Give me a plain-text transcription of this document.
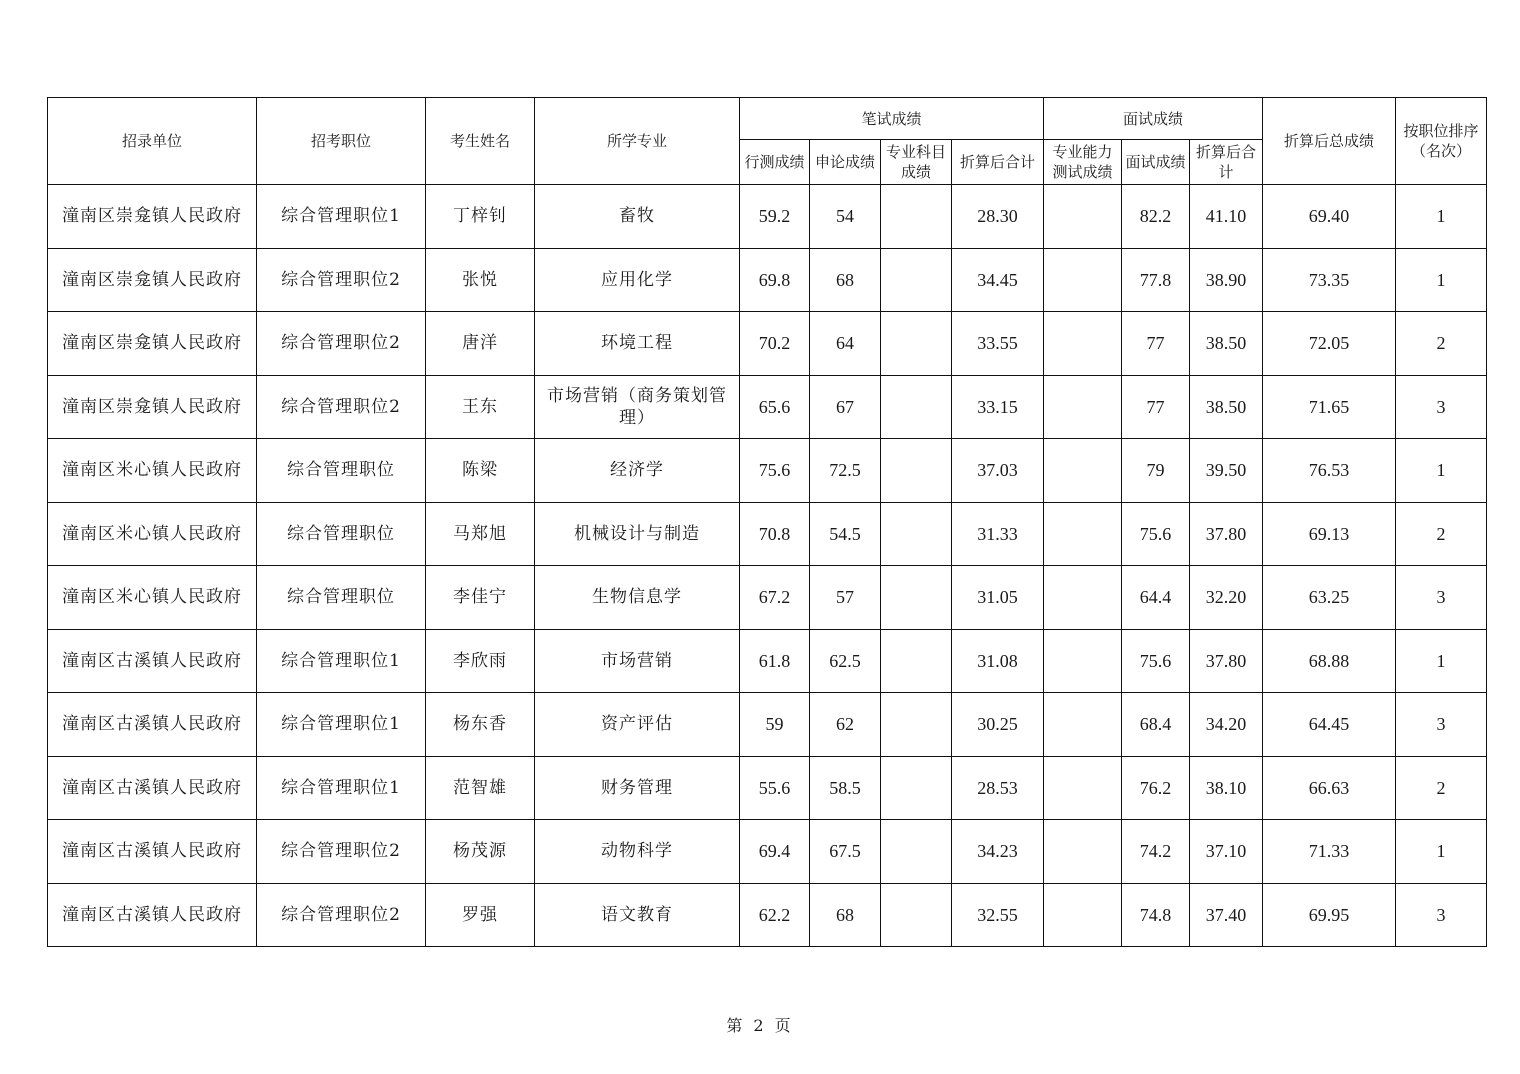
招录单位	招考职位	考生姓名	所学专业	笔试成绩				面试成绩			折算后总成绩	按职位排序（名次）
				行测成绩	申论成绩	专业科目成绩	折算后合计	专业能力测试成绩	面试成绩	折算后合计		
潼南区崇龛镇人民政府	综合管理职位1	丁梓钊	畜牧	59.2	54		28.30		82.2	41.10	69.40	1
潼南区崇龛镇人民政府	综合管理职位2	张悦	应用化学	69.8	68		34.45		77.8	38.90	73.35	1
潼南区崇龛镇人民政府	综合管理职位2	唐洋	环境工程	70.2	64		33.55		77	38.50	72.05	2
潼南区崇龛镇人民政府	综合管理职位2	王东	市场营销（商务策划管理）	65.6	67		33.15		77	38.50	71.65	3
潼南区米心镇人民政府	综合管理职位	陈梁	经济学	75.6	72.5		37.03		79	39.50	76.53	1
潼南区米心镇人民政府	综合管理职位	马郑旭	机械设计与制造	70.8	54.5		31.33		75.6	37.80	69.13	2
潼南区米心镇人民政府	综合管理职位	李佳宁	生物信息学	67.2	57		31.05		64.4	32.20	63.25	3
潼南区古溪镇人民政府	综合管理职位1	李欣雨	市场营销	61.8	62.5		31.08		75.6	37.80	68.88	1
潼南区古溪镇人民政府	综合管理职位1	杨东香	资产评估	59	62		30.25		68.4	34.20	64.45	3
潼南区古溪镇人民政府	综合管理职位1	范智雄	财务管理	55.6	58.5		28.53		76.2	38.10	66.63	2
潼南区古溪镇人民政府	综合管理职位2	杨茂源	动物科学	69.4	67.5		34.23		74.2	37.10	71.33	1
潼南区古溪镇人民政府	综合管理职位2	罗强	语文教育	62.2	68		32.55		74.8	37.40	69.95	3
第 2 页
